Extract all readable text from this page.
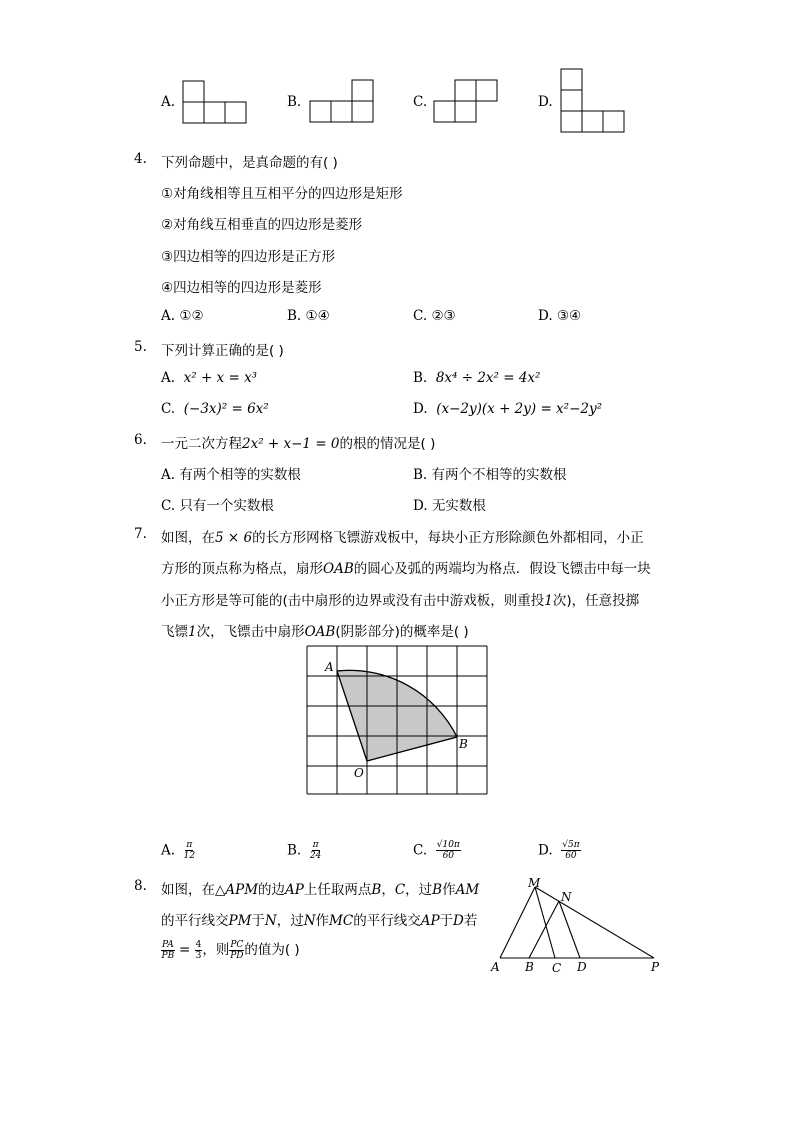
A.	B.	C.	D.
4. 下列命题中，是真命题的有( )
①对角线相等且互相平分的四边形是矩形
②对角线互相垂直的四边形是菱形
③四边相等的四边形是正方形
④四边相等的四边形是菱形
A. ①②	B. ①④	C. ②③	D. ③④
5. 下列计算正确的是( )
A. x² + x = x³	B. 8x⁴ ÷ 2x² = 4x²
C. (−3x)² = 6x²	D. (x−2y)(x + 2y) = x²−2y²
6. 一元二次方程2x² + x−1 = 0的根的情况是( )
A. 有两个相等的实数根	B. 有两个不相等的实数根
C. 只有一个实数根	D. 无实数根
7. 如图，在5 × 6的长方形网格飞镖游戏板中，每块小正方形除颜色外都相同，小正
方形的顶点称为格点，扇形OAB的圆心及弧的两端均为格点．假设飞镖击中每一块
小正方形是等可能的(击中扇形的边界或没有击中游戏板，则重投1次)，任意投掷
飞镖1次，飞镖击中扇形OAB(阴影部分)的概率是( )
A
B
O
A. $\frac{\pi}{12}$	B. $\frac{\pi}{24}$	C. $\frac{√10\pi}{60}$	D. $\frac{√5\pi}{60}$
8. 如图，在△APM的边AP上任取两点B，C，过B作AM
的平行线交PM于N，过N作MC的平行线交AP于D若
$\frac{PA}{PB} = \frac{4}{3}$ ，则 $\frac{PC}{PD}$ 的值为( )
M
N
A B C D	P
